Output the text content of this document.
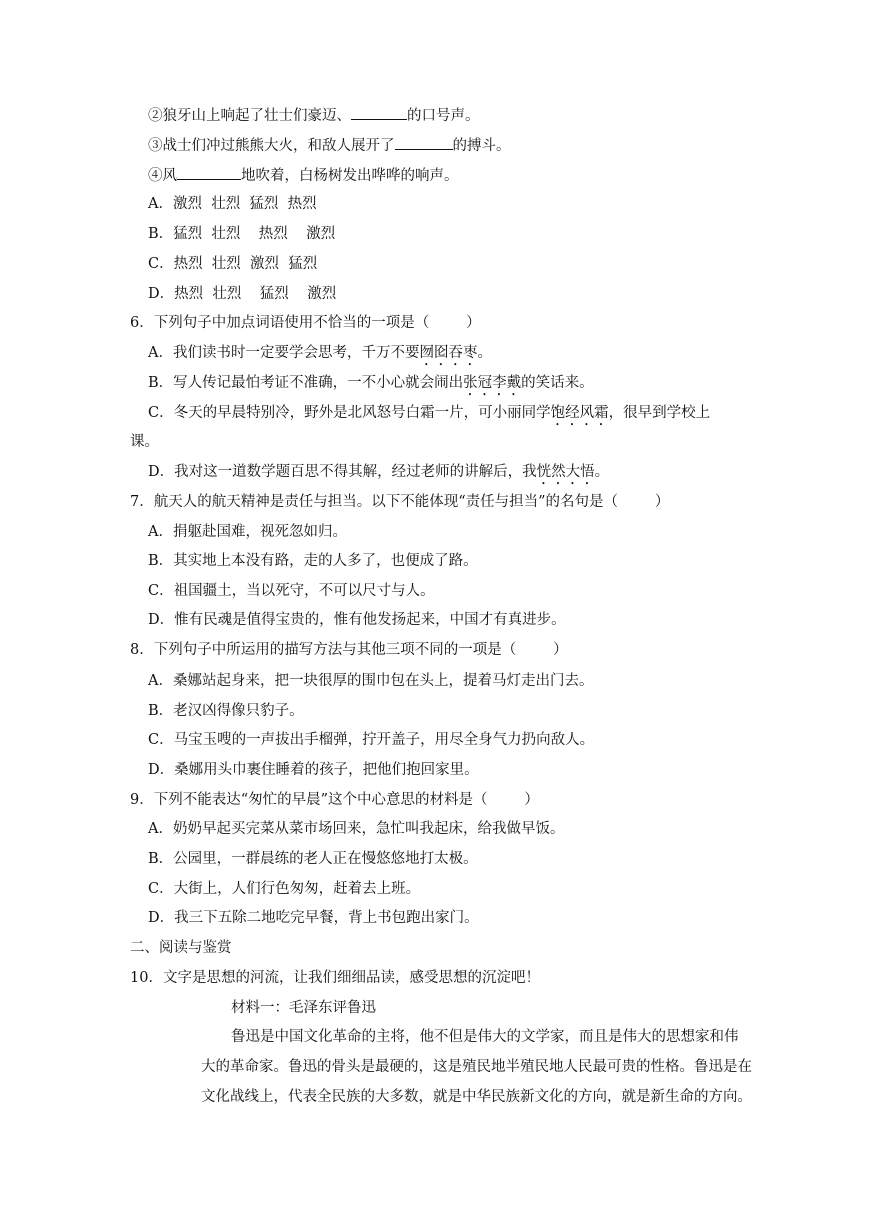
②狼牙山上响起了壮士们豪迈、	的口号声。
③战士们冲过熊熊大火，和敌人展开了	的搏斗。
④风	地吹着，白杨树发出哗哗的响声。
A．激烈  壮烈  猛烈  热烈
B．猛烈  壮烈    热烈    激烈
C．热烈  壮烈  激烈  猛烈
D．热烈  壮烈    猛烈    激烈
6．下列句子中加点词语使用不恰当的一项是（        ）
A．我们读书时一定要学会思考，千万不要囫囵吞枣。
B．写人传记最怕考证不准确，一不小心就会闹出张冠李戴的笑话来。
C．冬天的早晨特别冷，野外是北风怒号白霜一片，可小丽同学饱经风霜，很早到学校上
课。
D．我对这一道数学题百思不得其解，经过老师的讲解后，我恍然大悟。
7．航天人的航天精神是责任与担当。以下不能体现“责任与担当”的名句是（        ）
A．捐躯赴国难，视死忽如归。
B．其实地上本没有路，走的人多了，也便成了路。
C．祖国疆土，当以死守，不可以尺寸与人。
D．惟有民魂是值得宝贵的，惟有他发扬起来，中国才有真进步。
8．下列句子中所运用的描写方法与其他三项不同的一项是（        ）
A．桑娜站起身来，把一块很厚的围巾包在头上，提着马灯走出门去。
B．老汉凶得像只豹子。
C．马宝玉嗖的一声拔出手榴弹，拧开盖子，用尽全身气力扔向敌人。
D．桑娜用头巾裹住睡着的孩子，把他们抱回家里。
9．下列不能表达“匆忙的早晨”这个中心意思的材料是（        ）
A．奶奶早起买完菜从菜市场回来，急忙叫我起床，给我做早饭。
B．公园里，一群晨练的老人正在慢悠悠地打太极。
C．大街上，人们行色匆匆，赶着去上班。
D．我三下五除二地吃完早餐，背上书包跑出家门。
二、阅读与鉴赏
10．文字是思想的河流，让我们细细品读，感受思想的沉淀吧！
材料一：毛泽东评鲁迅
鲁迅是中国文化革命的主将，他不但是伟大的文学家，而且是伟大的思想家和伟
大的革命家。鲁迅的骨头是最硬的，这是殖民地半殖民地人民最可贵的性格。鲁迅是在
文化战线上，代表全民族的大多数，就是中华民族新文化的方向，就是新生命的方向。
